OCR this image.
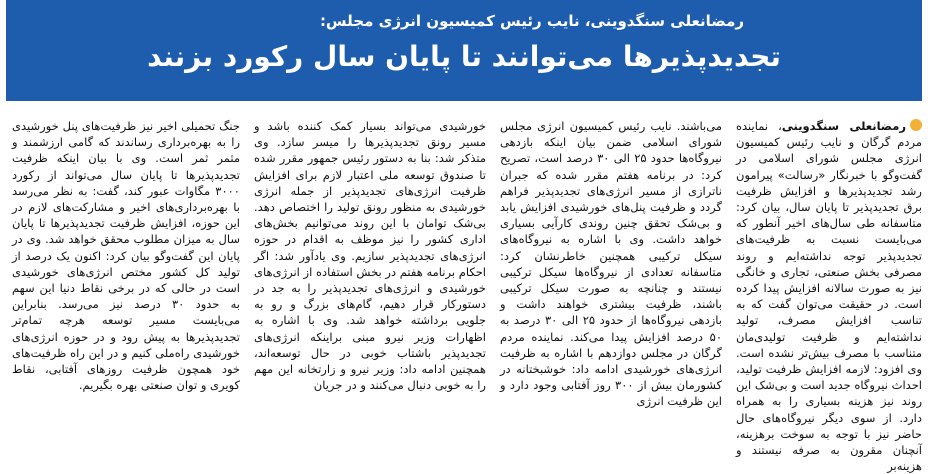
رمضانعلی سنگدوینی، نایب رئیس کمیسیون انرژی مجلس:
تجدیدپذیرها می‌توانند تا پایان سال رکورد بزنند
رمضانعلی سنگدوینی، نماینده مردم گرگان و نایب رئیس کمیسیون انرژی مجلس شورای اسلامی در گفت‌وگو با خبرنگار «رسالت» پیرامون رشد تجدیدپذیرها و افزایش ظرفیت برق تجدیدپذیر تا پایان سال، بیان کرد: متاسفانه طی سال‌های اخیر آنطور که می‌بایست نسبت به ظرفیت‌های تجدیدپذیر توجه نداشته‌ایم و روند مصرفی بخش صنعتی، تجاری و خانگی نیز به صورت سالانه افزایش پیدا کرده است. در حقیقت می‌توان گفت که به تناسب افزایش مصرف، تولید نداشته‌ایم و ظرفیت تولیدی‌مان متناسب با مصرف بیش‌تر نشده است. وی افزود: لازمه افزایش ظرفیت تولید، احداث نیروگاه جدید است و بی‌شک این روند نیز هزینه بسیاری را به همراه دارد. از سوی دیگر نیروگاه‌های حال حاضر نیز با توجه به سوخت برهزینه، آنچنان مقرون به صرفه نیستند و هزینه‌بر
می‌باشند. نایب رئیس کمیسیون انرژی مجلس شورای اسلامی ضمن بیان اینکه بازدهی نیروگاه‌ها حدود ۲۵ الی ۳۰ درصد است، تصریح کرد: در برنامه هفتم مقرر شده که جبران ناترازی از مسیر انرژی‌های تجدیدپذیر فراهم گردد و ظرفیت پنل‌های خورشیدی افزایش یابد و بی‌شک تحقق چنین روندی کارآیی بسیاری خواهد داشت. وی با اشاره به نیروگاه‌های سیکل ترکیبی همچنین خاطرنشان کرد: متاسفانه تعدادی از نیروگاه‌ها سیکل ترکیبی نیستند و چنانچه به صورت سیکل ترکیبی باشند، ظرفیت بیشتری خواهند داشت و بازدهی نیروگاه‌ها از حدود ۲۵ الی ۳۰ درصد به ۵۰ درصد افزایش پیدا می‌کند. نماینده مردم گرگان در مجلس دوازدهم با اشاره به ظرفیت انرژی‌های خورشیدی ادامه داد: خوشبختانه در کشورمان بیش از ۳۰۰ روز آفتابی وجود دارد و این ظرفیت انرژی
خورشیدی می‌تواند بسیار کمک کننده باشد و مسیر رونق تجدیدپذیرها را میسر سازد. وی متذکر شد: بنا به دستور رئیس جمهور مقرر شده تا صندوق توسعه ملی اعتبار لازم برای افزایش ظرفیت انرژی‌های تجدیدپذیر از جمله انرژی خورشیدی به منظور رونق تولید را اختصاص دهد. بی‌شک توامان با این روند می‌توانیم بخش‌های اداری کشور را نیز موظف به اقدام در حوزه انرژی‌های تجدیدپذیر سازیم. وی یادآور شد: اگر احکام برنامه هفتم در بخش استفاده از انرژی‌های خورشیدی و انرژی‌های تجدیدپذیر را به جد در دستورکار قرار دهیم، گام‌های بزرگ و رو به جلویی برداشته خواهد شد. وی با اشاره به اظهارات وزیر نیرو مبنی براینکه انرژی‌های تجدیدپذیر باشتاب خوبی در حال توسعه‌اند، همچنین ادامه داد: وزیر نیرو و زارتخانه این مهم را به خوبی دنبال می‌کنند و در جریان
جنگ تحمیلی اخیر نیز ظرفیت‌های پنل خورشیدی را به بهره‌برداری رساندند که گامی ارزشمند و مثمر ثمر است. وی با بیان اینکه ظرفیت تجدیدپذیرها تا پایان سال می‌تواند از رکورد ۳۰۰۰ مگاوات عبور کند، گفت: به نظر می‌رسد با بهره‌برداری‌های اخیر و مشارکت‌های لازم در این حوزه، افزایش ظرفیت تجدیدپذیرها تا پایان سال به میزان مطلوب محقق خواهد شد. وی در پایان این گفت‌وگو بیان کرد: اکنون یک درصد از تولید کل کشور مختص انرژی‌های خورشیدی است در حالی که در برخی نقاط دنیا این سهم به حدود ۳۰ درصد نیز می‌رسد. بنابراین می‌بایست مسیر توسعه هرچه تمام‌تر تجدیدپذیرها به پیش رود و در حوزه انرژی‌های خورشیدی راه‌ملی کنیم و در این راه ظرفیت‌های خود همچون ظرفیت روزهای آفتابی، نقاط کویری و توان صنعتی بهره بگیریم.
